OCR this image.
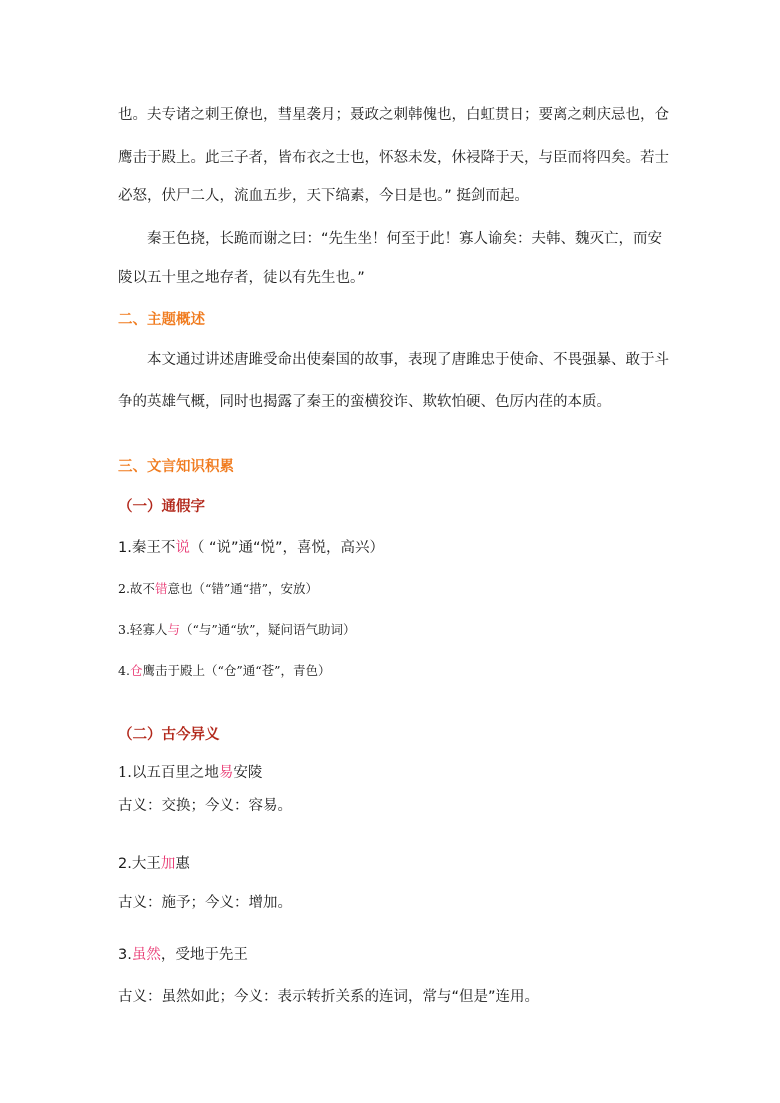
也。夫专诸之刺王僚也，彗星袭月；聂政之刺韩傀也，白虹贯日；要离之刺庆忌也，仓
鹰击于殿上。此三子者，皆布衣之士也，怀怒未发，休祲降于天，与臣而将四矣。若士
必怒，伏尸二人，流血五步，天下缟素，今日是也。” 挺剑而起。
秦王色挠，长跪而谢之曰：“先生坐！何至于此！寡人谕矣：夫韩、魏灭亡，而安
陵以五十里之地存者，徒以有先生也。”
二、主题概述
本文通过讲述唐雎受命出使秦国的故事，表现了唐雎忠于使命、不畏强暴、敢于斗
争的英雄气概，同时也揭露了秦王的蛮横狡诈、欺软怕硬、色厉内荏的本质。
三、文言知识积累
（一）通假字
1.秦王不说（ “说”通“悦”，喜悦，高兴）
2.故不错意也（“错”通“措”，安放）
3.轻寡人与（“与”通“欤”，疑问语气助词）
4.仓鹰击于殿上（“仓”通“苍”，青色）
（二）古今异义
1.以五百里之地易安陵
古义：交换；今义：容易。
2.大王加惠
古义：施予；今义：增加。
3.虽然，受地于先王
古义：虽然如此；今义：表示转折关系的连词，常与“但是”连用。
